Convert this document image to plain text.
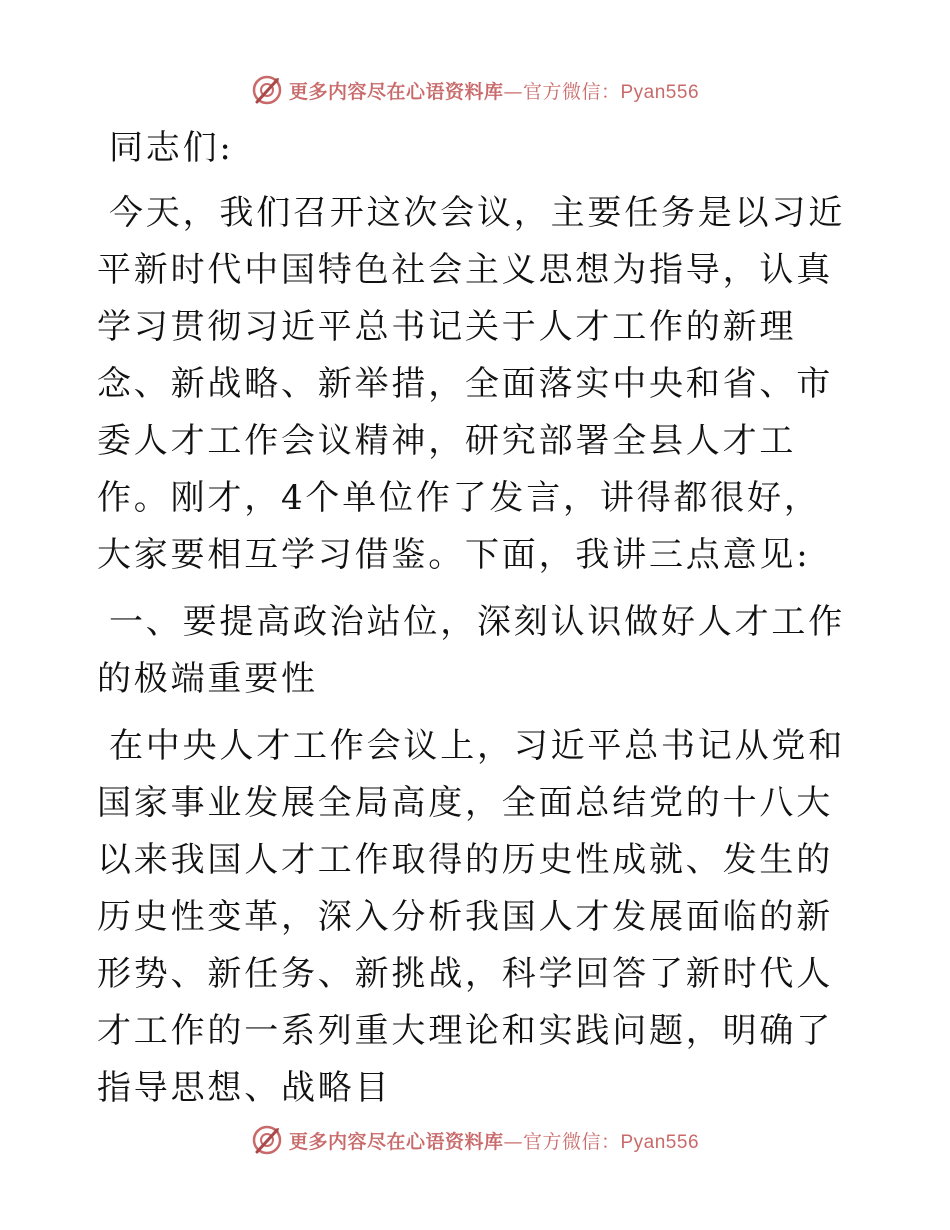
更多内容尽在心语资料库—官方微信：Pyan556

同志们:

今天，我们召开这次会议，主要任务是以习近平新时代中国特色社会主义思想为指导，认真学习贯彻习近平总书记关于人才工作的新理念、新战略、新举措，全面落实中央和省、市委人才工作会议精神，研究部署全县人才工作。刚才，4个单位作了发言，讲得都很好，大家要相互学习借鉴。下面，我讲三点意见:

一、要提高政治站位，深刻认识做好人才工作的极端重要性

在中央人才工作会议上，习近平总书记从党和国家事业发展全局高度，全面总结党的十八大以来我国人才工作取得的历史性成就、发生的历史性变革，深入分析我国人才发展面临的新形势、新任务、新挑战，科学回答了新时代人才工作的一系列重大理论和实践问题，明确了指导思想、战略目

更多内容尽在心语资料库—官方微信：Pyan556
